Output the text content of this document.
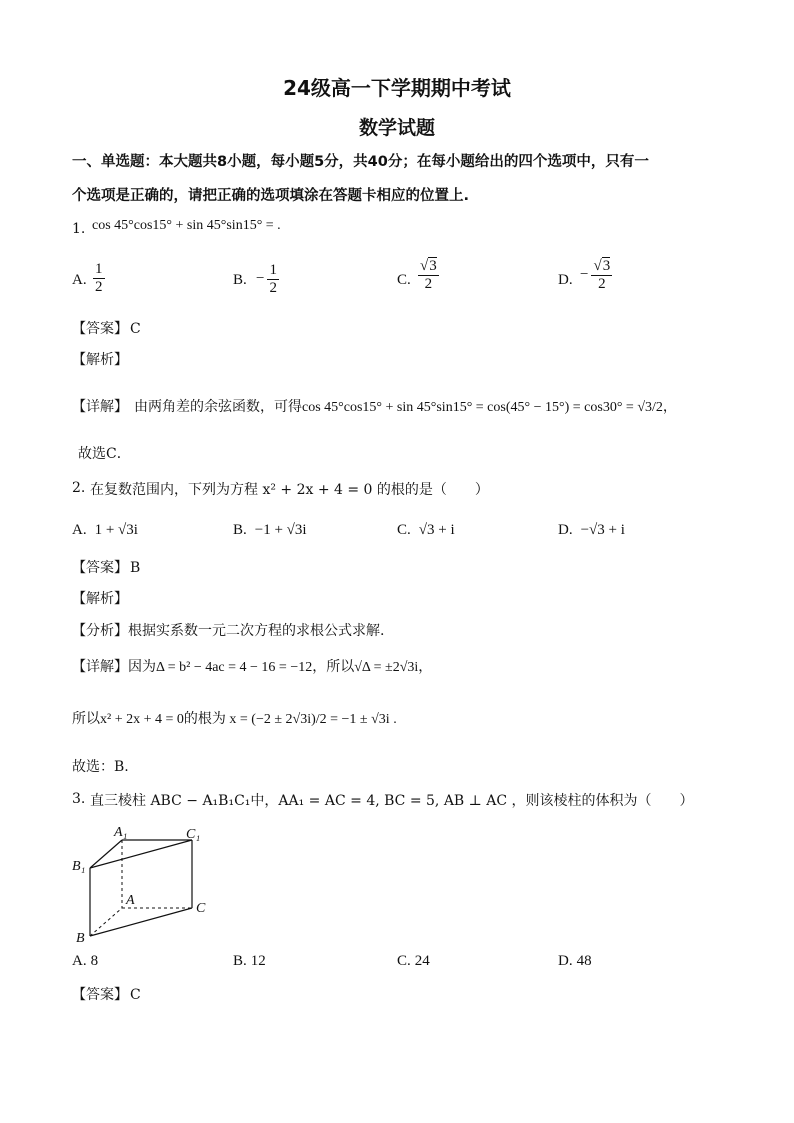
24级高一下学期期中考试
数学试题
一、单选题：本大题共8小题，每小题5分，共40分；在每小题给出的四个选项中，只有一
个选项是正确的，请把正确的选项填涂在答题卡相应的位置上.
1. cos 45°cos15° + sin 45°sin15° = .
A. $\frac{1}{2}$	B. − $\frac{1}{2}$	C. $\frac{√3}{2}$	D. − $\frac{√3}{2}$
【答案】 C
【解析】
【详解】 由两角差的余弦函数，可得cos 45°cos15° + sin 45°sin15° = cos(45° − 15°) = cos30° = √3/2，
故选C．
2. 在复数范围内，下列为方程 x² + 2x + 4 = 0 的根的是（　　）
A. 1 + √3i	B. −1 + √3i	C. √3 + i	D. −√3 + i
【答案】 B
【解析】
【分析】根据实系数一元二次方程的求根公式求解.
【详解】因为Δ = b² − 4ac = 4 − 16 = −12，所以√Δ = ±2√3i，
所以x² + 2x + 4 = 0的根为 x = (−2 ± 2√3i)/2 = −1 ± √3i .
故选：B.
3. 直三棱柱 ABC − A₁B₁C₁中，AA₁ = AC = 4, BC = 5, AB ⊥ AC ，则该棱柱的体积为（　　）
A₁	C₁
B₁
A
C
B
A. 8	B. 12	C. 24	D. 48
【答案】 C
